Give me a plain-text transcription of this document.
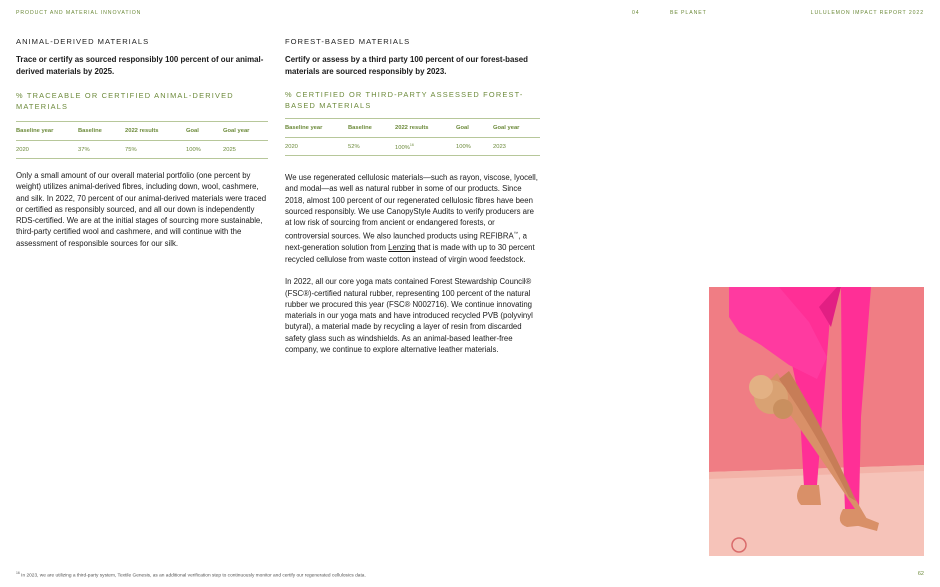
PRODUCT AND MATERIAL INNOVATION	04	BE PLANET	LULULEMON IMPACT REPORT 2022
ANIMAL-DERIVED MATERIALS
Trace or certify as sourced responsibly 100 percent of our animal-derived materials by 2025.
% TRACEABLE OR CERTIFIED ANIMAL-DERIVED MATERIALS
Baseline year	Baseline	2022 results	Goal	Goal year
2020	37%	75%	100%	2025

Only a small amount of our overall material portfolio (one percent by weight) utilizes animal-derived fibres, including down, wool, cashmere, and silk. In 2022, 70 percent of our animal-derived materials were traced or certified as responsibly sourced, and all our down is independently RDS-certified. We are at the initial stages of sourcing more sustainable, third-party certified wool and cashmere, and will continue with the assessment of responsible sources for our silk.

FOREST-BASED MATERIALS
Certify or assess by a third party 100 percent of our forest-based materials are sourced responsibly by 2023.
% CERTIFIED OR THIRD-PARTY ASSESSED FOREST-BASED MATERIALS
Baseline year	Baseline	2022 results	Goal	Goal year
2020	52%	100%$^{16}$	100%	2023

We use regenerated cellulosic materials—such as rayon, viscose, lyocell, and modal—as well as natural rubber in some of our products. Since 2018, almost 100 percent of our regenerated cellulosic fibres have been sourced responsibly. We use CanopyStyle Audits to verify producers are at low risk of sourcing from ancient or endangered forests, or controversial sources. We also launched products using REFIBRA™, a next-generation solution from Lenzing that is made with up to 30 percent recycled cellulose from waste cotton instead of virgin wood feedstock.

In 2022, all our core yoga mats contained Forest Stewardship Council® (FSC®)-certified natural rubber, representing 100 percent of the natural rubber we procured this year (FSC® N002716). We continue innovating materials in our yoga mats and have introduced recycled PVB (polyvinyl butyral), a material made by recycling a layer of resin from discarded safety glass such as windshields. As an animal-based leather-free company, we continue to explore alternative leather materials.

$^{16}$ In 2023, we are utilizing a third-party system, Textile Genesis, as an additional verification step to continuously monitor and certify our regenerated cellulosics data.	62
